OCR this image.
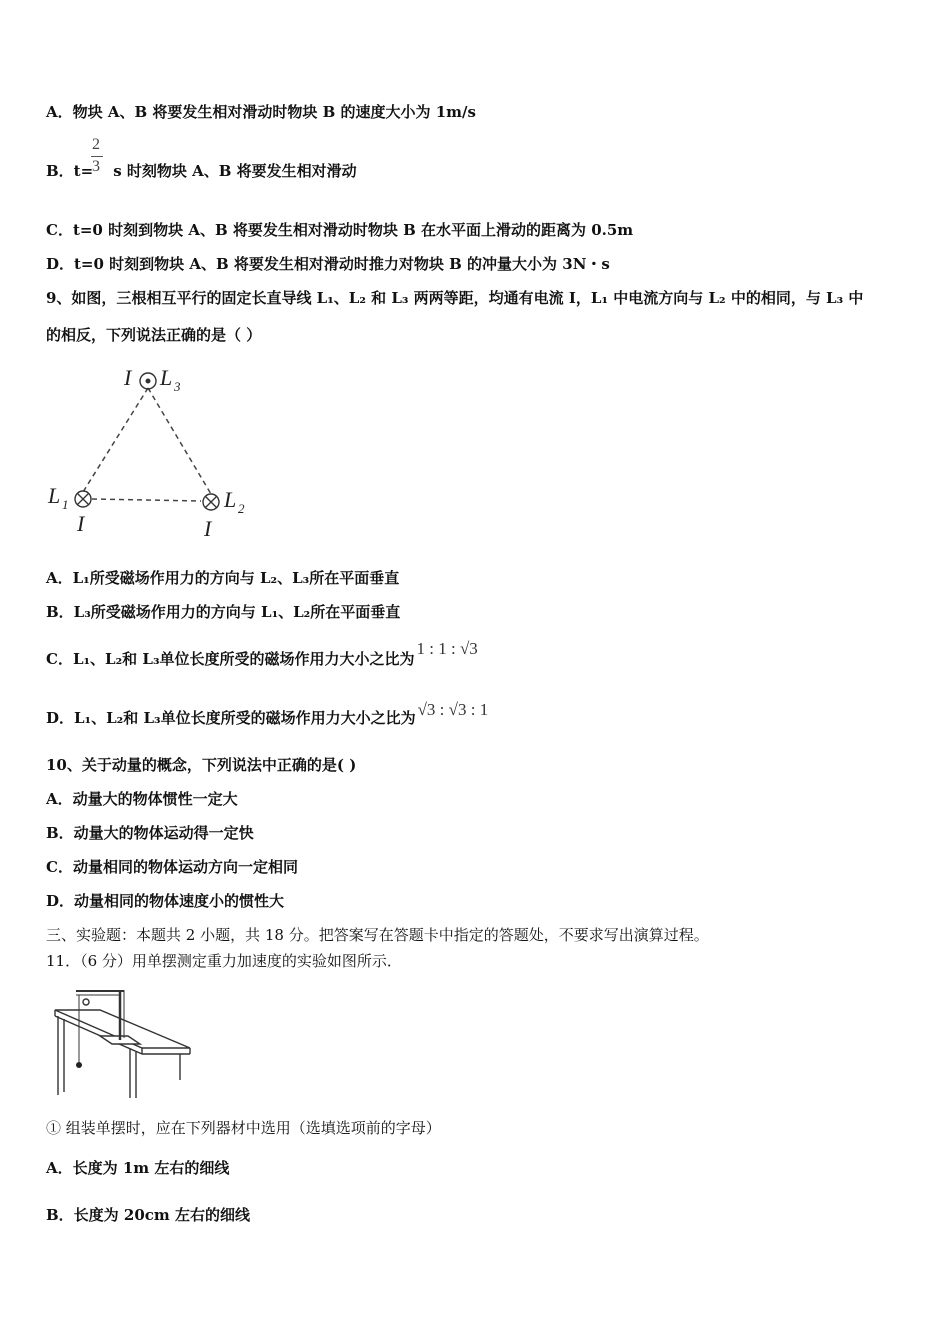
A．物块 A、B 将要发生相对滑动时物块 B 的速度大小为 1m/s
B．t= s 时刻物块 A、B 将要发生相对滑动
2
3
C．t=0 时刻到物块 A、B 将要发生相对滑动时物块 B 在水平面上滑动的距离为 0.5m
D．t=0 时刻到物块 A、B 将要发生相对滑动时推力对物块 B 的冲量大小为 3N・s
9、如图，三根相互平行的固定长直导线 L₁、L₂ 和 L₃ 两两等距，均通有电流 I，L₁ 中电流方向与 L₂ 中的相同，与 L₃ 中
的相反，下列说法正确的是（ ）
I L 3
L 1
I
L 2
I
A．L₁所受磁场作用力的方向与 L₂、L₃所在平面垂直
B．L₃所受磁场作用力的方向与 L₁、L₂所在平面垂直
C．L₁、L₂和 L₃单位长度所受的磁场作用力大小之比为1 : 1 : √3
D．L₁、L₂和 L₃单位长度所受的磁场作用力大小之比为 √3 : √3 : 1
10、关于动量的概念，下列说法中正确的是( )
A．动量大的物体惯性一定大
B．动量大的物体运动得一定快
C．动量相同的物体运动方向一定相同
D．动量相同的物体速度小的惯性大
三、实验题：本题共 2 小题，共 18 分。把答案写在答题卡中指定的答题处，不要求写出演算过程。
11．（6 分）用单摆测定重力加速度的实验如图所示．
① 组装单摆时，应在下列器材中选用（选填选项前的字母）
A．长度为 1m 左右的细线
B．长度为 20cm 左右的细线
